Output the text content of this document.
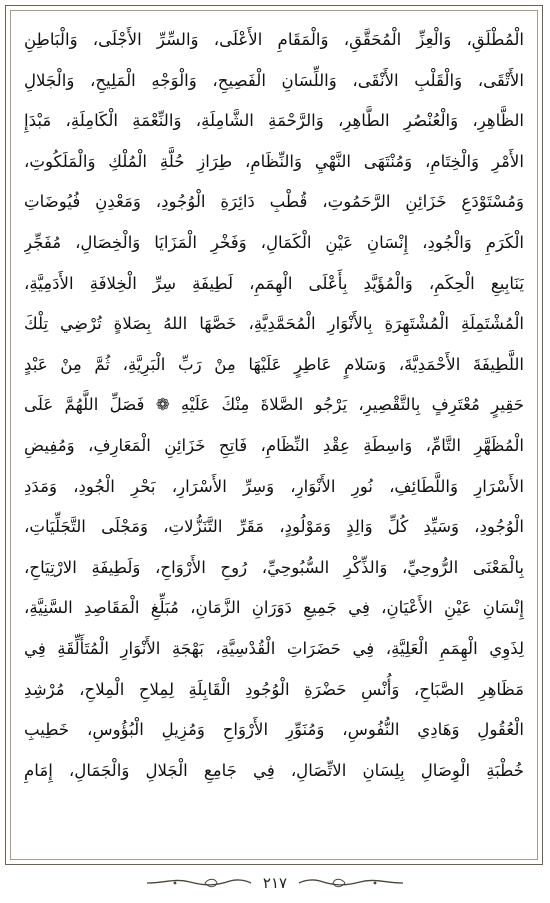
الْمُطْلَقِ، وَالْعِزِّ الْمُحَقَّقِ، وَالْمَقَامِ الأَعْلَى، وَالسِّرِّ الأَجْلَى، وَالْبَاطِنِ
الأَتْقَى، وَالْقَلْبِ الأَنْقَى، وَاللِّسَانِ الْفَصِيحِ، وَالْوَجْهِ الْمَلِيحِ، وَالْجَلالِ
الظَّاهِرِ، وَالْعُنْصُرِ الطَّاهِرِ، وَالرَّحْمَةِ الشَّامِلَةِ، وَالنِّعْمَةِ الْكَامِلَةِ، مَبْدَإِ
الأَمْرِ وَالْخِتَامِ، وَمُنْتَهَى النَّهْيِ وَالنِّظَامِ، طِرَازِ حُلَّةِ الْمُلْكِ وَالْمَلَكُوتِ،
وَمُسْتَوْدَعِ خَزَائِنِ الرَّحَمُوتِ، قُطْبِ دَائِرَةِ الْوُجُودِ، وَمَعْدِنِ فُيُوضَاتِ
الْكَرَمِ وَالْجُودِ، إِنْسَانِ عَيْنِ الْكَمَالِ، وَفَخْرِ الْمَزَايَا وَالْخِصَالِ، مُفَجِّرِ
يَنَابِيعِ الْحِكَمِ، وَالْمُؤَيَّدِ بِأَعْلَى الْهِمَمِ، لَطِيفَةِ سِرِّ الْخِلافَةِ الأَدَمِيَّةِ،
الْمُشْتَمِلَةِ الْمُشْتَهِرَةِ بِالأَنْوَارِ الْمُحَمَّدِيَّةِ، خَصَّهَا اللهُ بِصَلاةٍ تُرْضِي تِلْكَ
اللَّطِيفَةَ الأَحْمَدِيَّةَ، وَسَلامٍ عَاطِرٍ عَلَيْهَا مِنْ رَبِّ الْبَرِيَّةِ، ثُمَّ مِنْ عَبْدٍ
حَقِيرٍ مُعْتَرِفٍ بِالتَّقْصِيرِ، يَرْجُو الصَّلاةَ مِنْكَ عَلَيْهِ ❁ فَصَلِّ اللَّهُمَّ عَلَى
الْمُظَهَّرِ التَّامِّ، وَاسِطَةِ عِقْدِ النِّظَامِ، فَاتِحِ خَزَائِنِ الْمَعَارِفِ، وَمُفِيضِ
الأَسْرَارِ وَاللَّطَائِفِ، نُورِ الأَنْوَارِ، وَسِرِّ الأَسْرَارِ، بَحْرِ الْجُودِ، وَمَدَدِ
الْوُجُودِ، وَسَيِّدِ كُلِّ وَالِدٍ وَمَوْلُودٍ، مَقَرِّ التَّنَزُّلاتِ، وَمَجْلَى التَّجَلِّيَاتِ،
بِالْمَعْنَى الرُّوحِيِّ، وَالذِّكْرِ السُّبُوحِيِّ، رُوحِ الأَرْوَاحِ، وَلَطِيفَةِ الارْتِيَاحِ،
إِنْسَانِ عَيْنِ الأَعْيَانِ، فِي جَمِيعِ دَوَرَانِ الزَّمَانِ، مُبَلِّغِ الْمَقَاصِدِ السَّنِيَّةِ،
لِذَوِي الْهِمَمِ الْعَلِيَّةِ، فِي حَضَرَاتِ الْقُدْسِيَّةِ، بَهْجَةِ الأَنْوَارِ الْمُتَأَلِّقَةِ فِي
مَظَاهِرِ الصَّبَاحِ، وَأُنْسِ حَضْرَةِ الْوُجُودِ الْقَابِلَةِ لِمِلاحِ الْمِلاحِ، مُرْشِدِ
الْعُقُولِ وَهَادِي النُّفُوسِ، وَمُنَوِّرِ الأَرْوَاحِ وَمُزِيلِ الْبُؤُوسِ، خَطِيبِ
خُطْبَةِ الْوِصَالِ بِلِسَانِ الاتِّصَالِ، فِي جَامِعِ الْجَلالِ وَالْجَمَالِ، إِمَامِ
٢١٧
